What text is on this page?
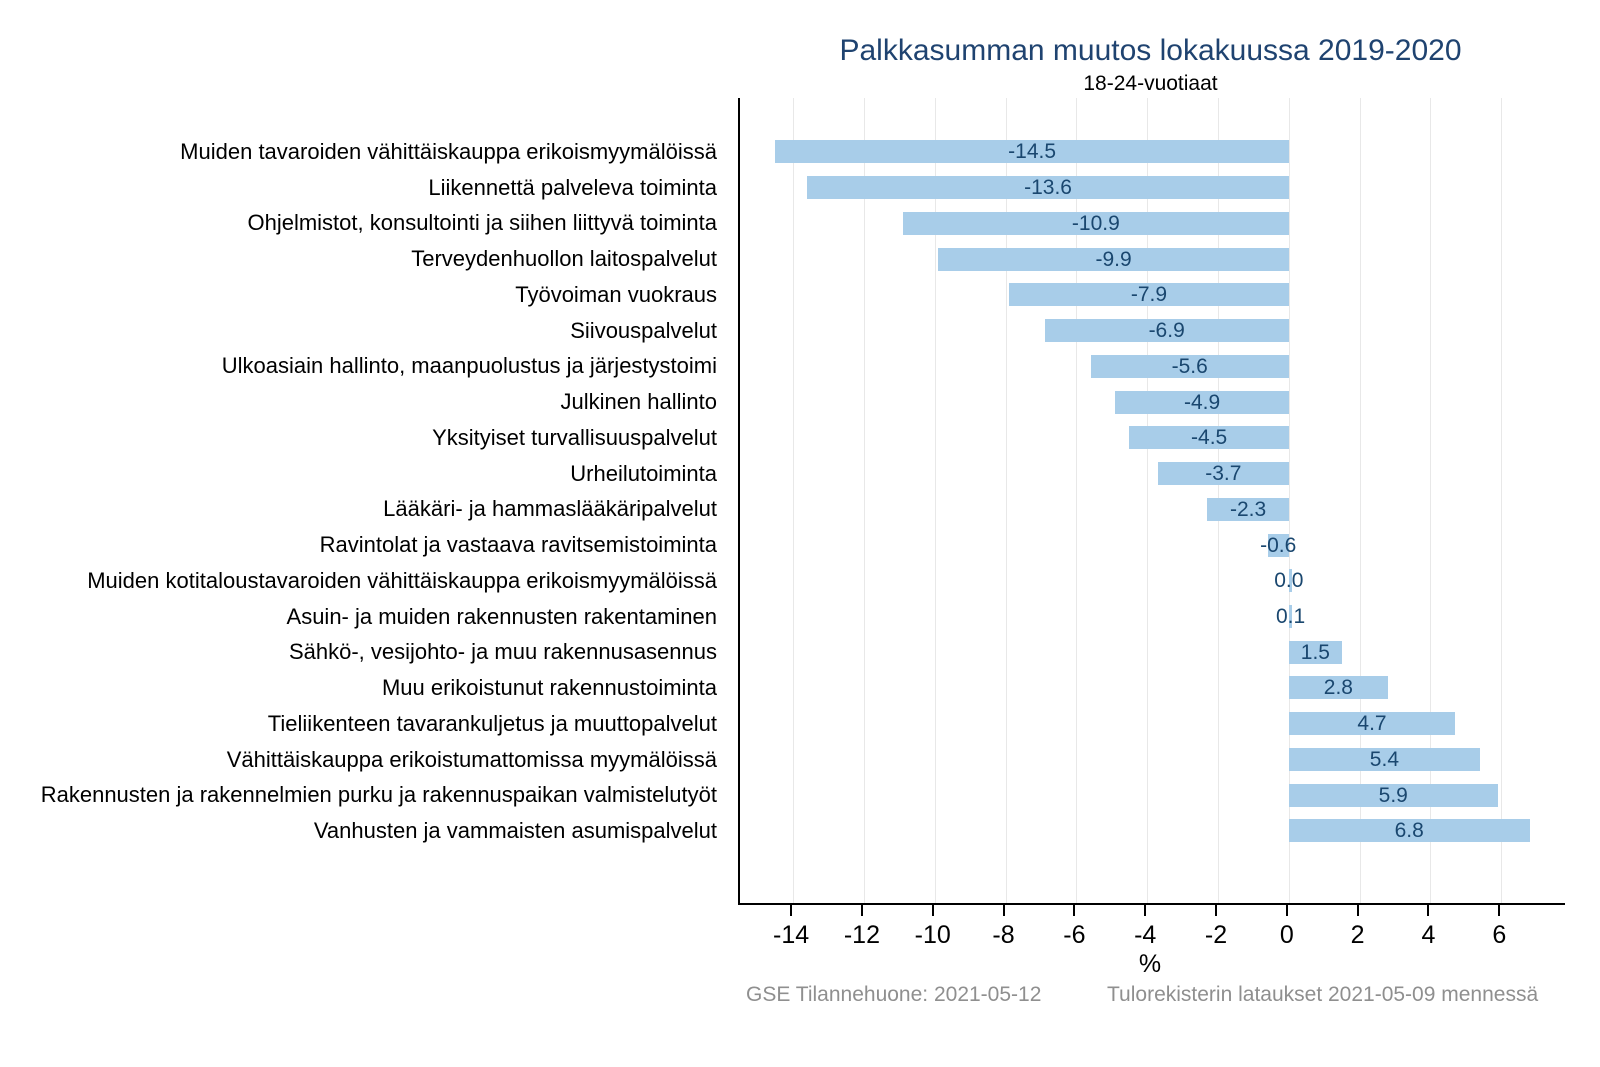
Palkkasumman muutos lokakuussa 2019-2020
18-24-vuotiaat
Muiden tavaroiden vähittäiskauppa erikoismyymälöissä
Liikennettä palveleva toiminta
Ohjelmistot, konsultointi ja siihen liittyvä toiminta
Terveydenhuollon laitospalvelut
Työvoiman vuokraus
Siivouspalvelut
Ulkoasiain hallinto, maanpuolustus ja järjestystoimi
Julkinen hallinto
Yksityiset turvallisuuspalvelut
Urheilutoiminta
Lääkäri- ja hammaslääkäripalvelut
Ravintolat ja vastaava ravitsemistoiminta
Muiden kotitaloustavaroiden vähittäiskauppa erikoismyymälöissä
Asuin- ja muiden rakennusten rakentaminen
Sähkö-, vesijohto- ja muu rakennusasennus
Muu erikoistunut rakennustoiminta
Tieliikenteen tavarankuljetus ja muuttopalvelut
Vähittäiskauppa erikoistumattomissa myymälöissä
Rakennusten ja rakennelmien purku ja rakennuspaikan valmistelutyöt
Vanhusten ja vammaisten asumispalvelut
-14.5
-13.6
-10.9
-9.9
-7.9
-6.9
-5.6
-4.9
-4.5
-3.7
-2.3
-0.6
0.0
0.1
1.5
2.8
4.7
5.4
5.9
6.8
-14 -12 -10 -8 -6 -4 -2 0 2 4 6
%
GSE Tilannehuone: 2021-05-12	Tulorekisterin lataukset 2021-05-09 mennessä
